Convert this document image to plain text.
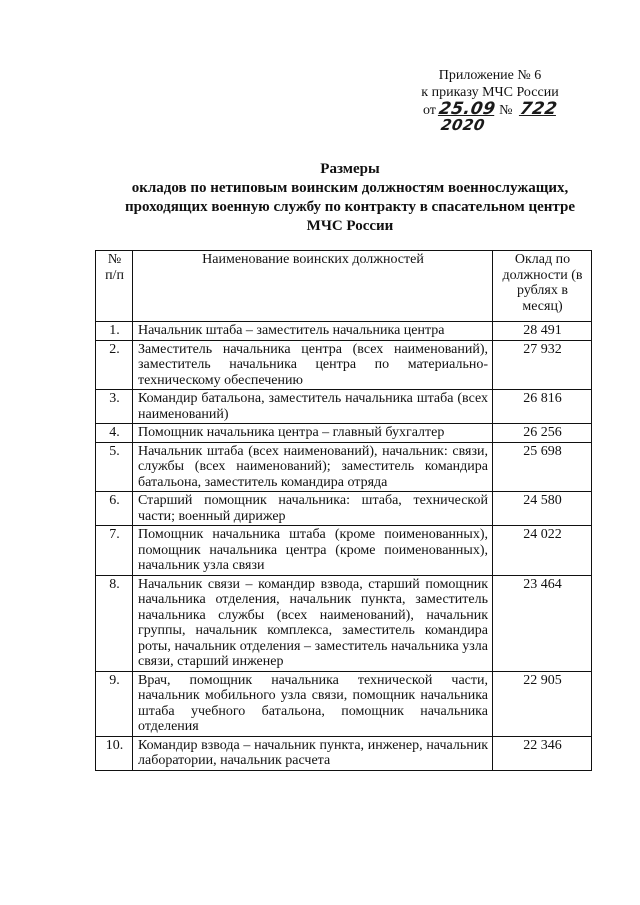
Приложение № 6
к приказу МЧС России
от 25.09 № 722
2020
Размеры
окладов по нетиповым воинским должностям военнослужащих,
проходящих военную службу по контракту в спасательном центре
МЧС России
№ п/п	Наименование воинских должностей	Оклад по должности (в рублях в месяц)
1.	Начальник штаба – заместитель начальника центра	28 491
2.	Заместитель начальника центра (всех наименований), заместитель начальника центра по материально-техническому обеспечению	27 932
3.	Командир батальона, заместитель начальника штаба (всех наименований)	26 816
4.	Помощник начальника центра – главный бухгалтер	26 256
5.	Начальник штаба (всех наименований), начальник: связи, службы (всех наименований); заместитель командира батальона, заместитель командира отряда	25 698
6.	Старший помощник начальника: штаба, технической части; военный дирижер	24 580
7.	Помощник начальника штаба (кроме поименованных), помощник начальника центра (кроме поименованных), начальник узла связи	24 022
8.	Начальник связи – командир взвода, старший помощник начальника отделения, начальник пункта, заместитель начальника службы (всех наименований), начальник группы, начальник комплекса, заместитель командира роты, начальник отделения – заместитель начальника узла связи, старший инженер	23 464
9.	Врач, помощник начальника технической части, начальник мобильного узла связи, помощник начальника штаба учебного батальона, помощник начальника отделения	22 905
10.	Командир взвода – начальник пункта, инженер, начальник лаборатории, начальник расчета	22 346
